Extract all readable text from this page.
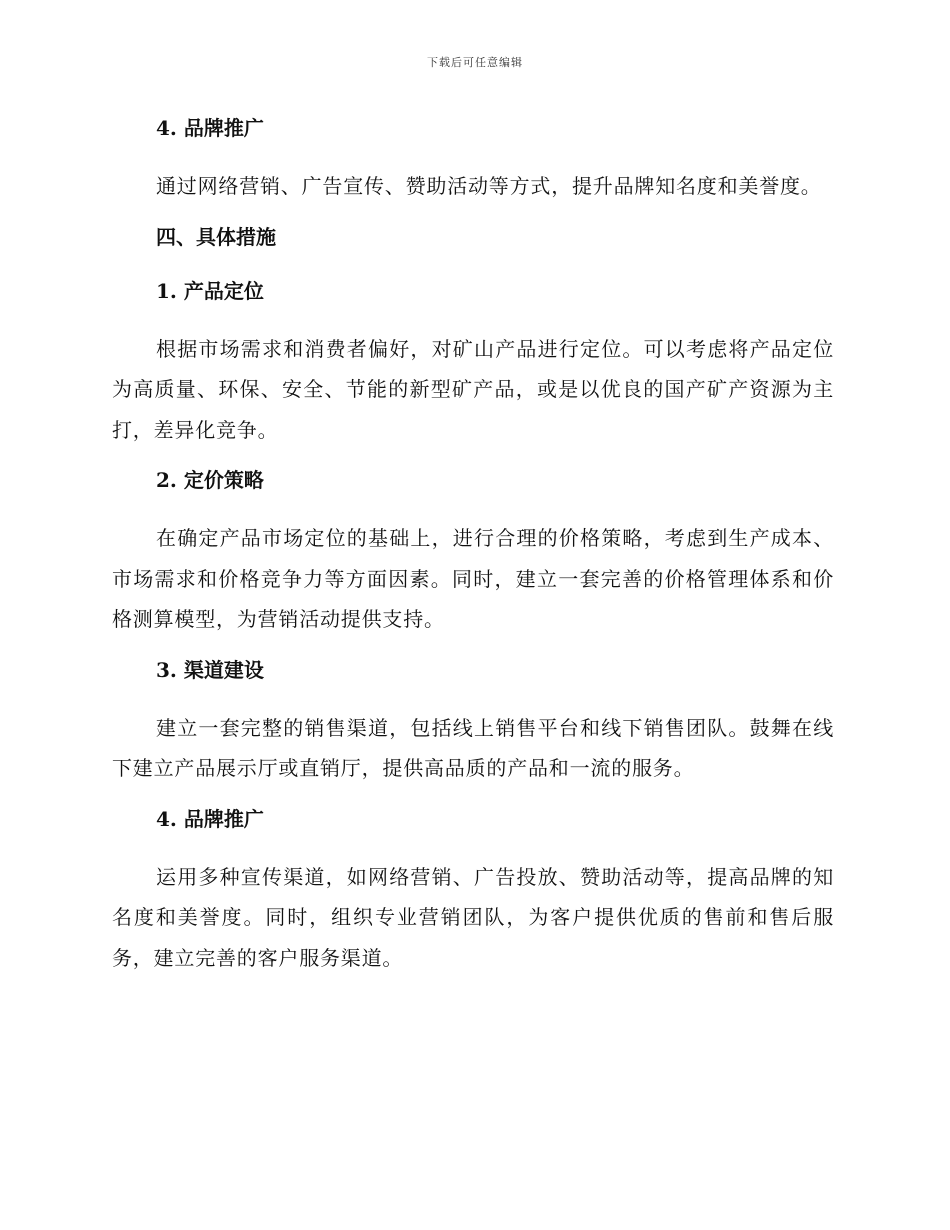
下载后可任意编辑
4. 品牌推广

通过网络营销、广告宣传、赞助活动等方式，提升品牌知名度和美誉度。

四、具体措施
1. 产品定位

根据市场需求和消费者偏好，对矿山产品进行定位。可以考虑将产品定位为高质量、环保、安全、节能的新型矿产品，或是以优良的国产矿产资源为主打，差异化竞争。

2. 定价策略

在确定产品市场定位的基础上，进行合理的价格策略，考虑到生产成本、市场需求和价格竞争力等方面因素。同时，建立一套完善的价格管理体系和价格测算模型，为营销活动提供支持。

3. 渠道建设

建立一套完整的销售渠道，包括线上销售平台和线下销售团队。鼓舞在线下建立产品展示厅或直销厅，提供高品质的产品和一流的服务。

4. 品牌推广

运用多种宣传渠道，如网络营销、广告投放、赞助活动等，提高品牌的知名度和美誉度。同时，组织专业营销团队，为客户提供优质的售前和售后服务，建立完善的客户服务渠道。
